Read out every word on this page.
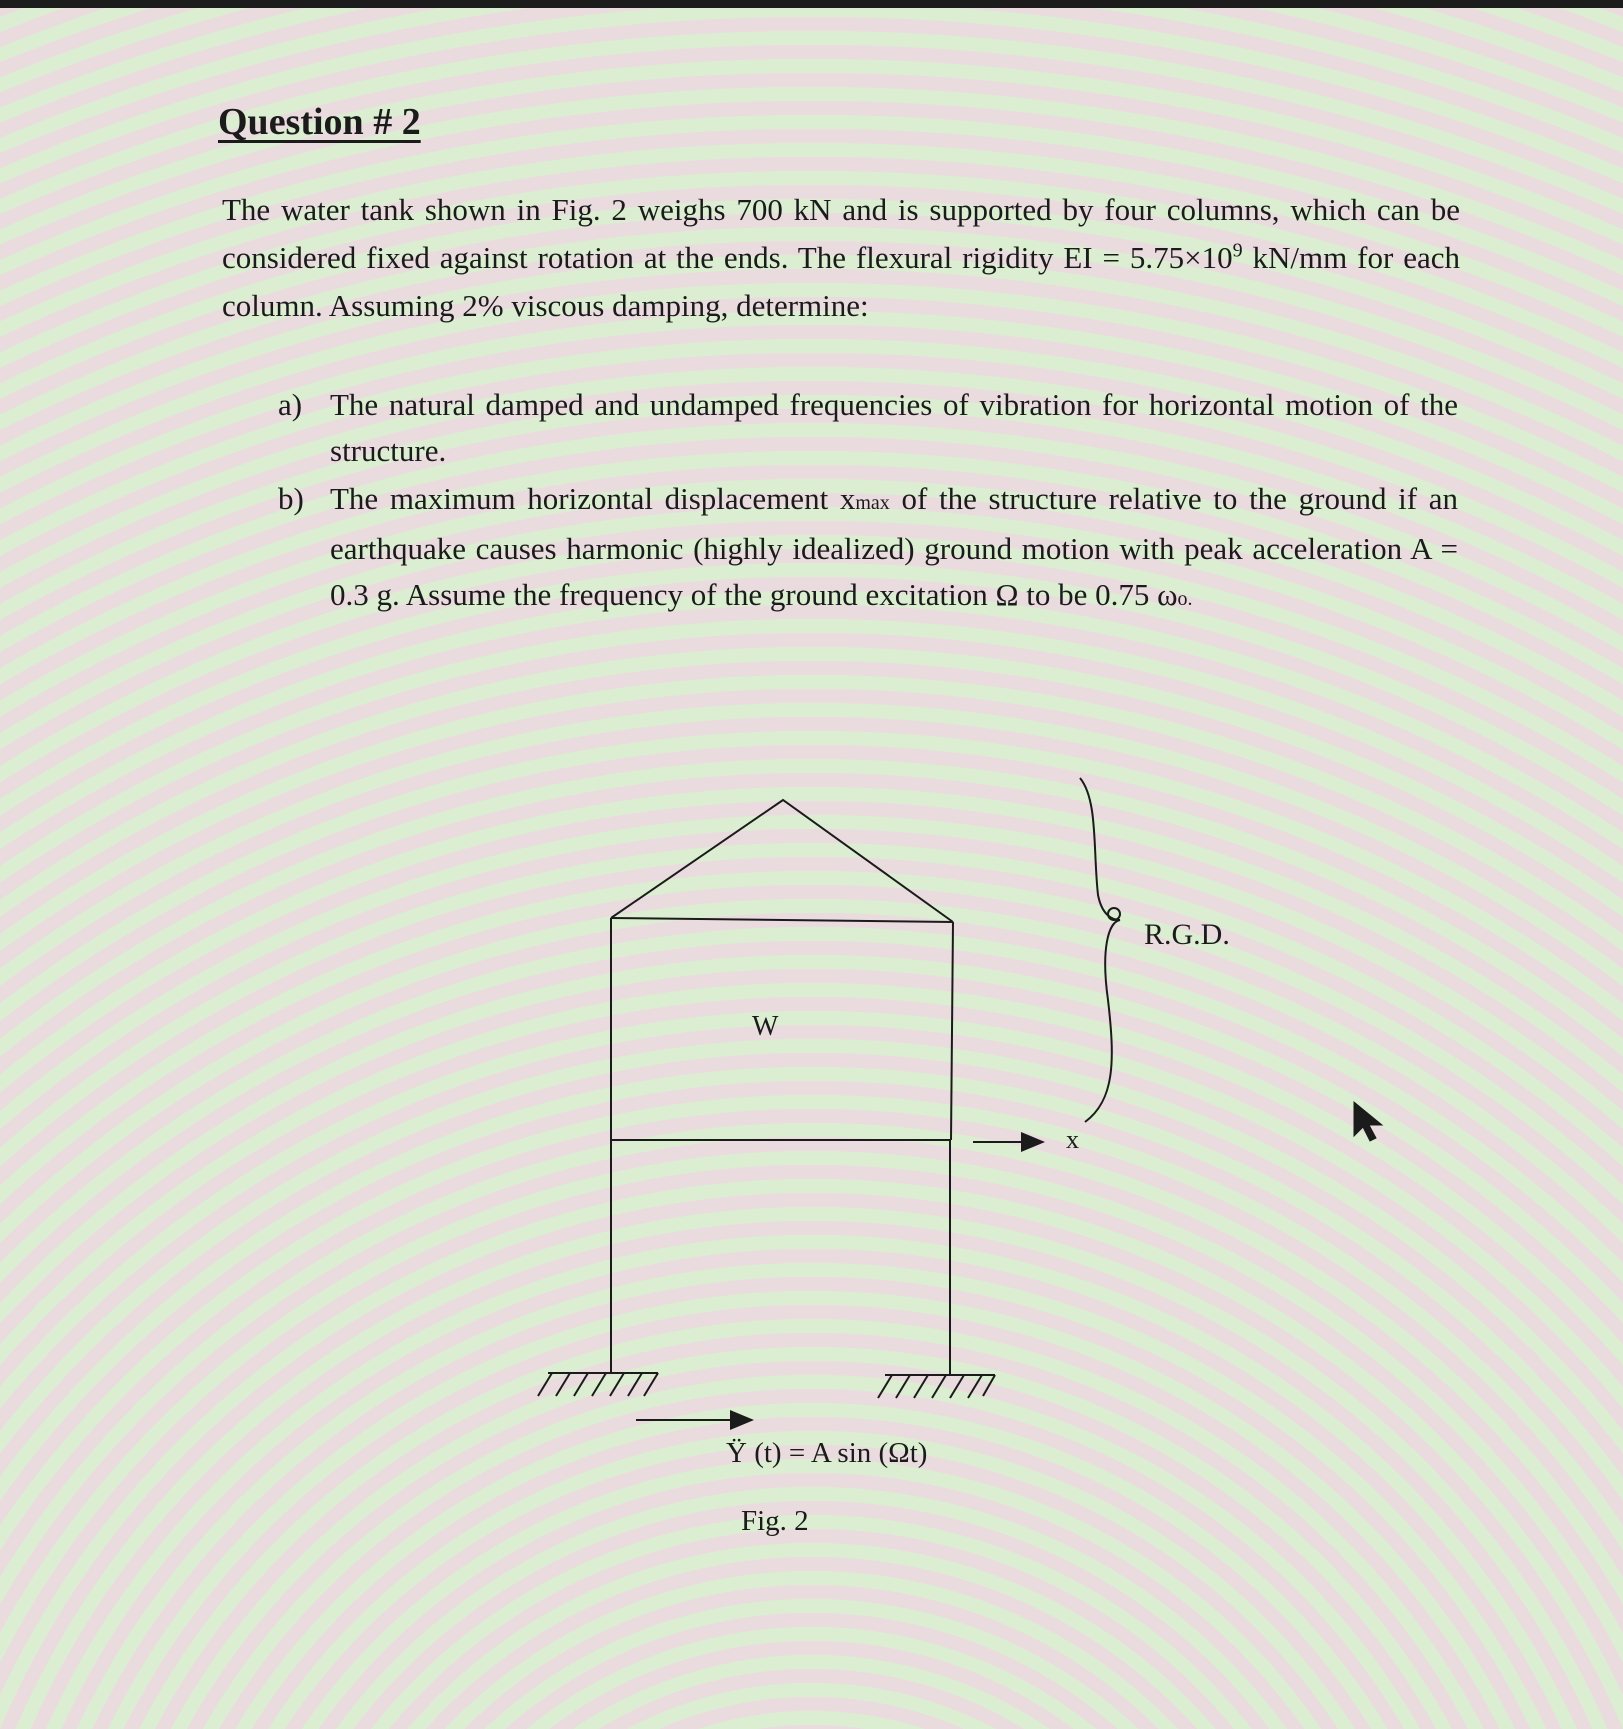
Question # 2
The water tank shown in Fig. 2 weighs 700 kN and is supported by four columns, which can be considered fixed against rotation at the ends. The flexural rigidity EI = $5.75\times 10^9$ kN/mm for each column. Assuming 2% viscous damping, determine:
a) The natural damped and undamped frequencies of vibration for horizontal motion of the structure.
b) The maximum horizontal displacement xmax of the structure relative to the ground if an earthquake causes harmonic (highly idealized) ground motion with peak acceleration A = 0.3 g. Assume the frequency of the ground excitation Ω to be 0.75 ωo.
W
R.G.D.
x
Ÿ (t) = A sin (Ωt)
Fig. 2
